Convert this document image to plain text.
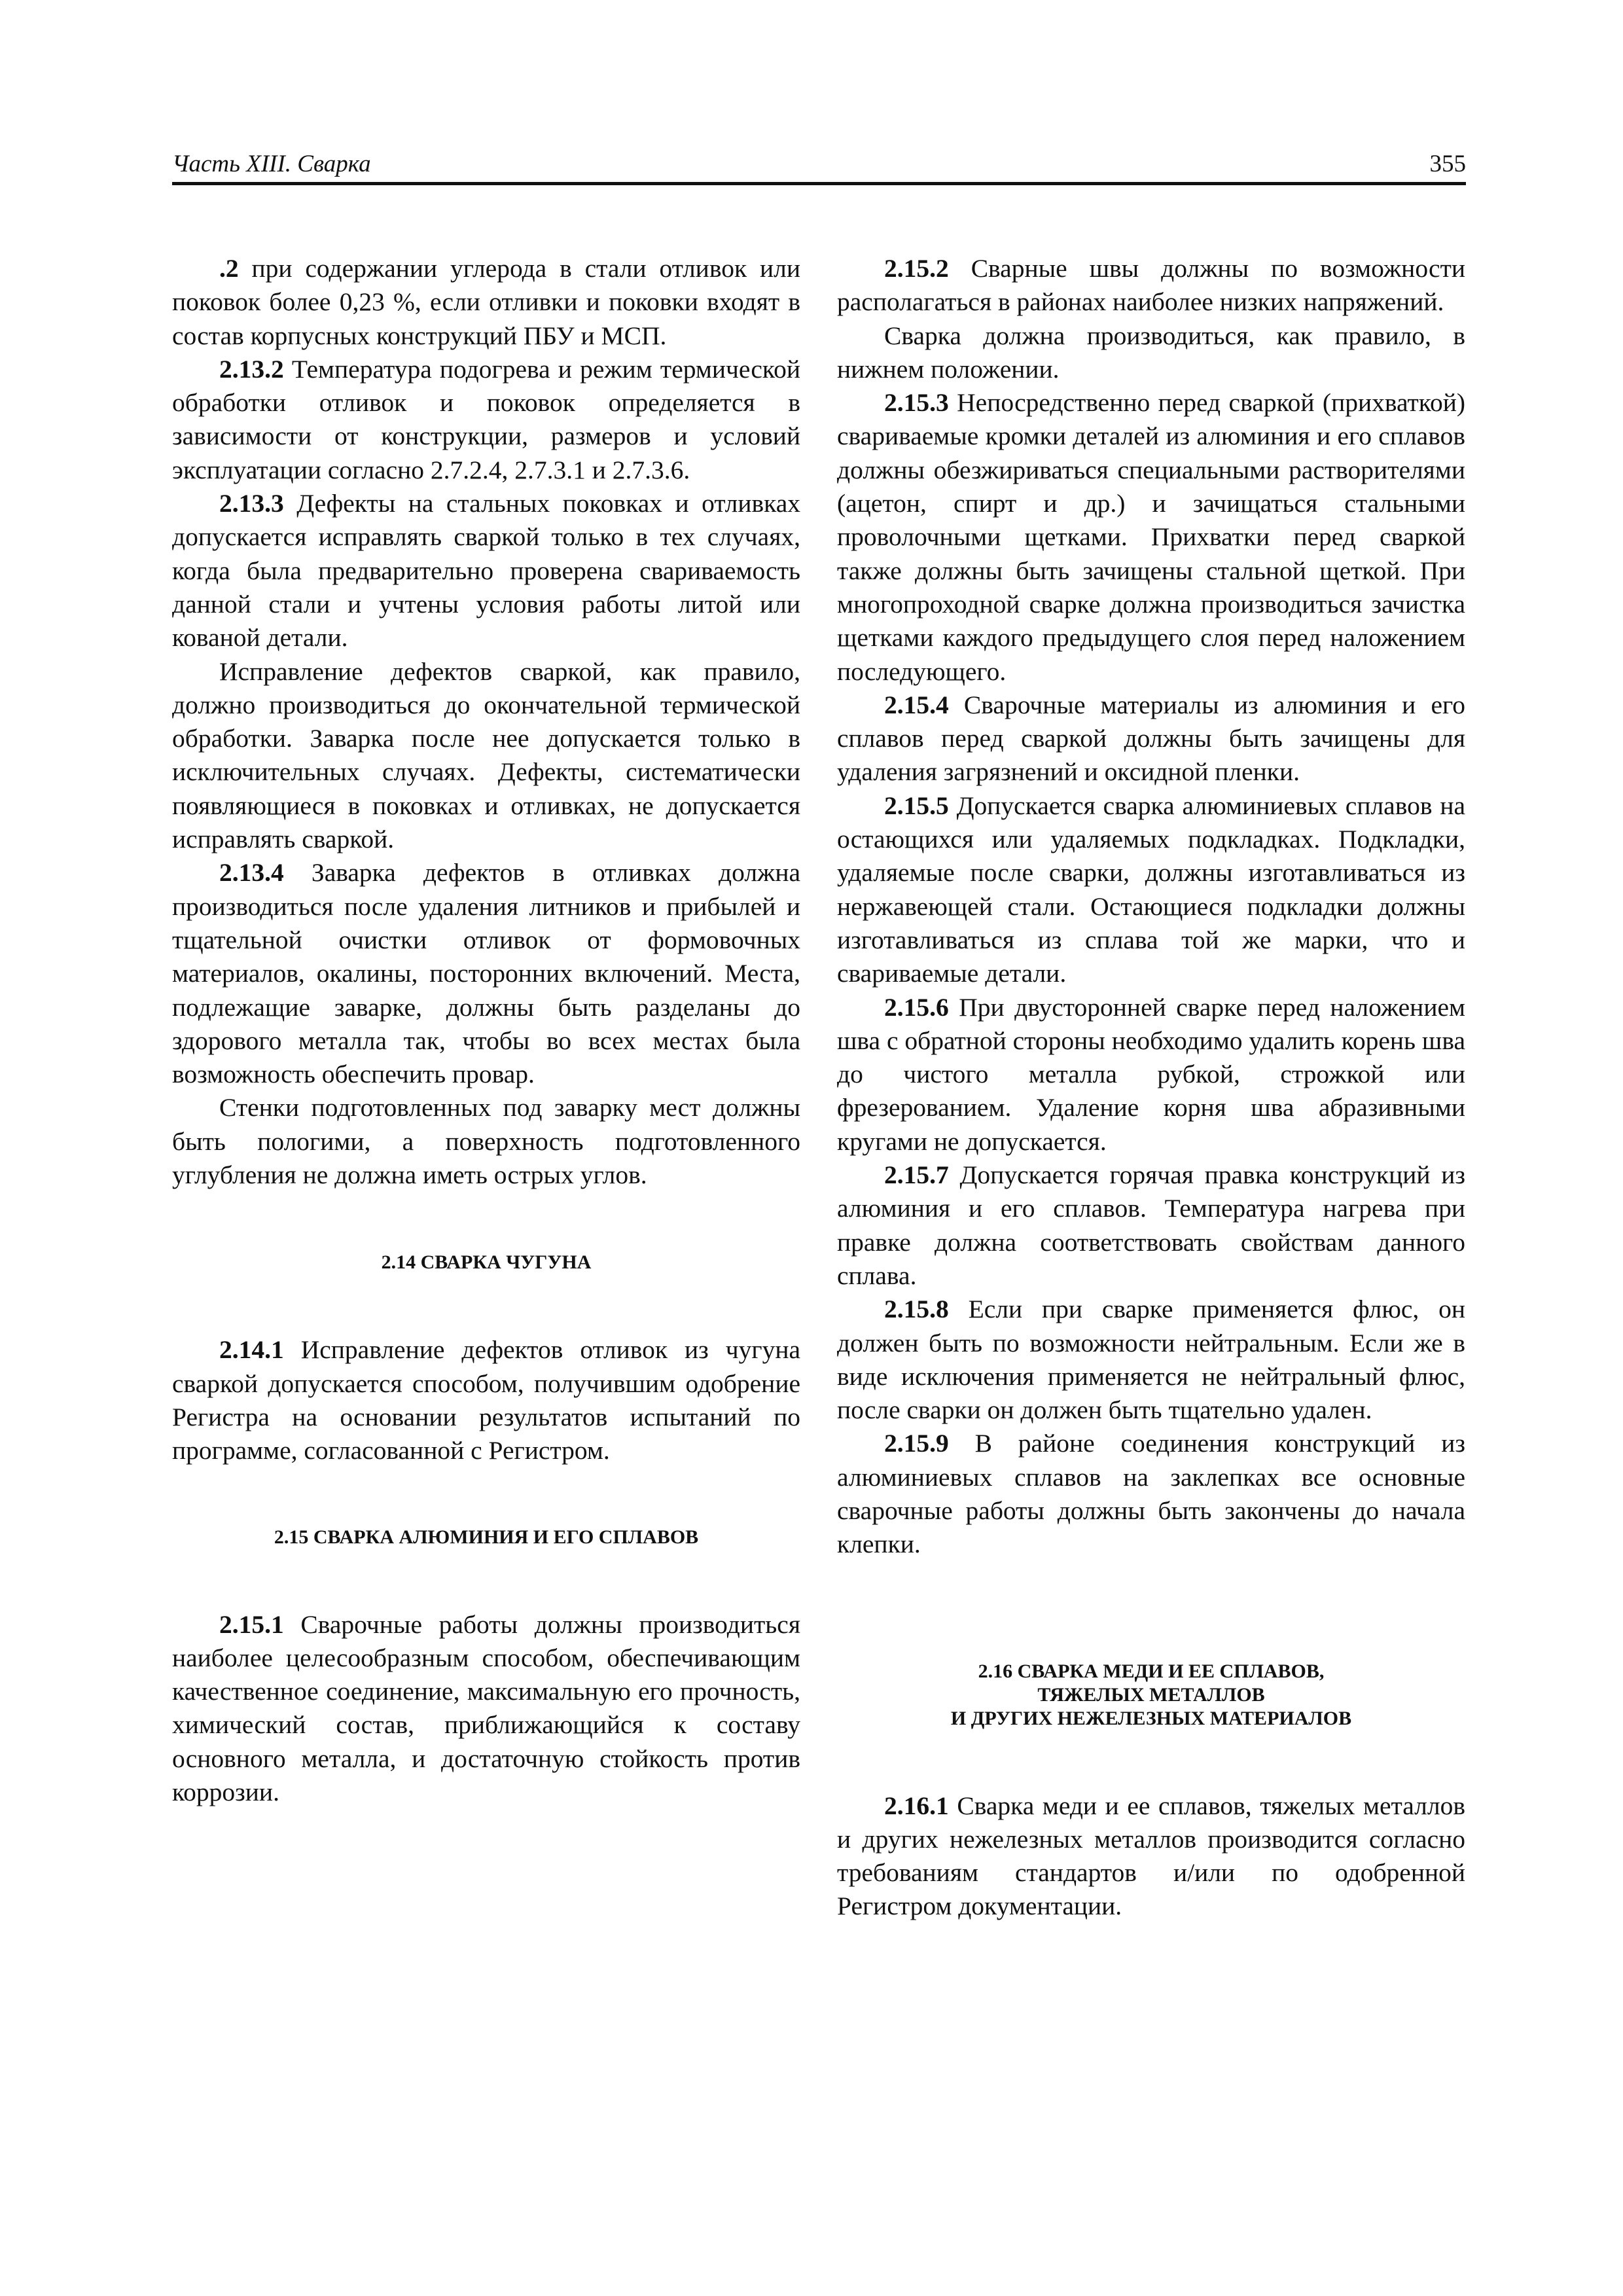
Часть XIII. Сварка	355

.2 при содержании углерода в стали отливок или поковок более 0,23 %, если отливки и поковки входят в состав корпусных конструкций ПБУ и МСП.

2.13.2 Температура подогрева и режим термической обработки отливок и поковок определяется в зависимости от конструкции, размеров и условий эксплуатации согласно 2.7.2.4, 2.7.3.1 и 2.7.3.6.

2.13.3 Дефекты на стальных поковках и отливках допускается исправлять сваркой только в тех случаях, когда была предварительно проверена свариваемость данной стали и учтены условия работы литой или кованой детали.

Исправление дефектов сваркой, как правило, должно производиться до окончательной термической обработки. Заварка после нее допускается только в исключительных случаях. Дефекты, систематически появляющиеся в поковках и отливках, не допускается исправлять сваркой.

2.13.4 Заварка дефектов в отливках должна производиться после удаления литников и прибылей и тщательной очистки отливок от формовочных материалов, окалины, посторонних включений. Места, подлежащие заварке, должны быть разделаны до здорового металла так, чтобы во всех местах была возможность обеспечить провар.

Стенки подготовленных под заварку мест должны быть пологими, а поверхность подготовленного углубления не должна иметь острых углов.

2.14 СВАРКА ЧУГУНА

2.14.1 Исправление дефектов отливок из чугуна сваркой допускается способом, получившим одобрение Регистра на основании результатов испытаний по программе, согласованной с Регистром.

2.15 СВАРКА АЛЮМИНИЯ И ЕГО СПЛАВОВ

2.15.1 Сварочные работы должны производиться наиболее целесообразным способом, обеспечивающим качественное соединение, максимальную его прочность, химический состав, приближающийся к составу основного металла, и достаточную стойкость против коррозии.

2.15.2 Сварные швы должны по возможности располагаться в районах наиболее низких напряжений.

Сварка должна производиться, как правило, в нижнем положении.

2.15.3 Непосредственно перед сваркой (прихваткой) свариваемые кромки деталей из алюминия и его сплавов должны обезжириваться специальными растворителями (ацетон, спирт и др.) и зачищаться стальными проволочными щетками. Прихватки перед сваркой также должны быть зачищены стальной щеткой. При многопроходной сварке должна производиться зачистка щетками каждого предыдущего слоя перед наложением последующего.

2.15.4 Сварочные материалы из алюминия и его сплавов перед сваркой должны быть зачищены для удаления загрязнений и оксидной пленки.

2.15.5 Допускается сварка алюминиевых сплавов на остающихся или удаляемых подкладках. Подкладки, удаляемые после сварки, должны изготавливаться из нержавеющей стали. Остающиеся подкладки должны изготавливаться из сплава той же марки, что и свариваемые детали.

2.15.6 При двусторонней сварке перед наложением шва с обратной стороны необходимо удалить корень шва до чистого металла рубкой, строжкой или фрезерованием. Удаление корня шва абразивными кругами не допускается.

2.15.7 Допускается горячая правка конструкций из алюминия и его сплавов. Температура нагрева при правке должна соответствовать свойствам данного сплава.

2.15.8 Если при сварке применяется флюс, он должен быть по возможности нейтральным. Если же в виде исключения применяется не нейтральный флюс, после сварки он должен быть тщательно удален.

2.15.9 В районе соединения конструкций из алюминиевых сплавов на заклепках все основные сварочные работы должны быть закончены до начала клепки.

2.16 СВАРКА МЕДИ И ЕЕ СПЛАВОВ,
ТЯЖЕЛЫХ МЕТАЛЛОВ
И ДРУГИХ НЕЖЕЛЕЗНЫХ МАТЕРИАЛОВ

2.16.1 Сварка меди и ее сплавов, тяжелых металлов и других нежелезных металлов производится согласно требованиям стандартов и/или по одобренной Регистром документации.
